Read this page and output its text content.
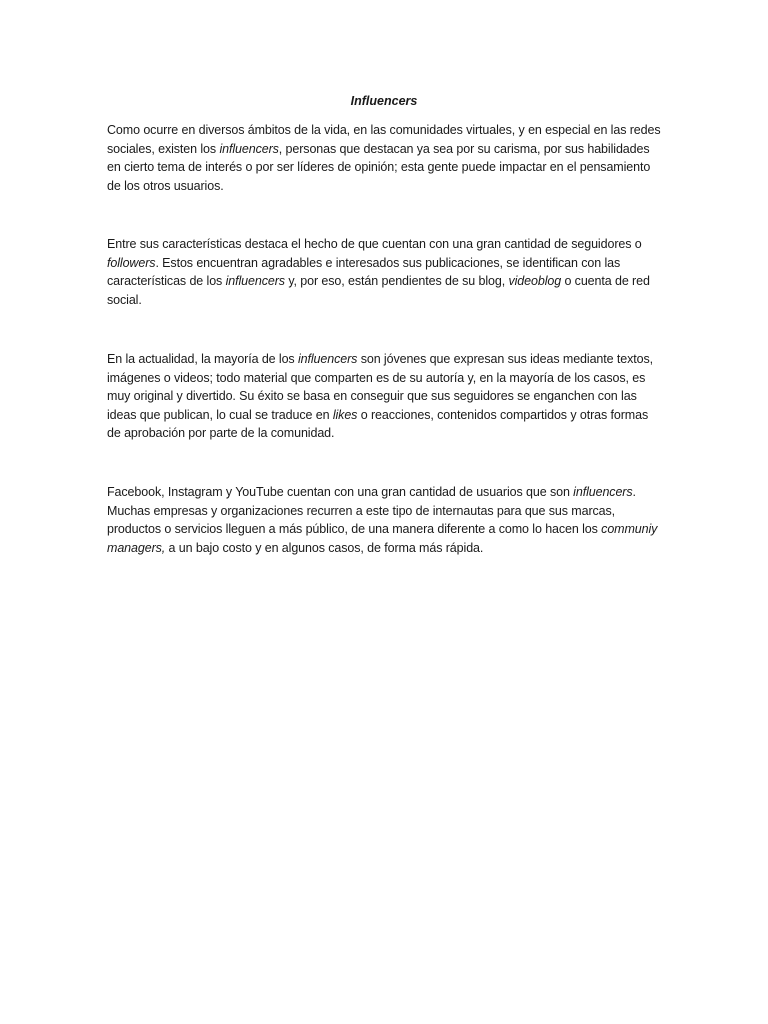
Influencers

Como ocurre en diversos ámbitos de la vida, en las comunidades virtuales, y en especial en las redes sociales, existen los influencers, personas que destacan ya sea por su carisma, por sus habilidades en cierto tema de interés o por ser líderes de opinión; esta gente puede impactar en el pensamiento de los otros usuarios.

Entre sus características destaca el hecho de que cuentan con una gran cantidad de seguidores o followers. Estos encuentran agradables e interesados sus publicaciones, se identifican con las características de los influencers y, por eso, están pendientes de su blog, videoblog o cuenta de red social.

En la actualidad, la mayoría de los influencers son jóvenes que expresan sus ideas mediante textos, imágenes o videos; todo material que comparten es de su autoría y, en la mayoría de los casos, es muy original y divertido. Su éxito se basa en conseguir que sus seguidores se enganchen con las ideas que publican, lo cual se traduce en likes o reacciones, contenidos compartidos y otras formas de aprobación por parte de la comunidad.

Facebook, Instagram y YouTube cuentan con una gran cantidad de usuarios que son influencers. Muchas empresas y organizaciones recurren a este tipo de internautas para que sus marcas, productos o servicios lleguen a más público, de una manera diferente a como lo hacen los communiy managers, a un bajo costo y en algunos casos, de forma más rápida.
